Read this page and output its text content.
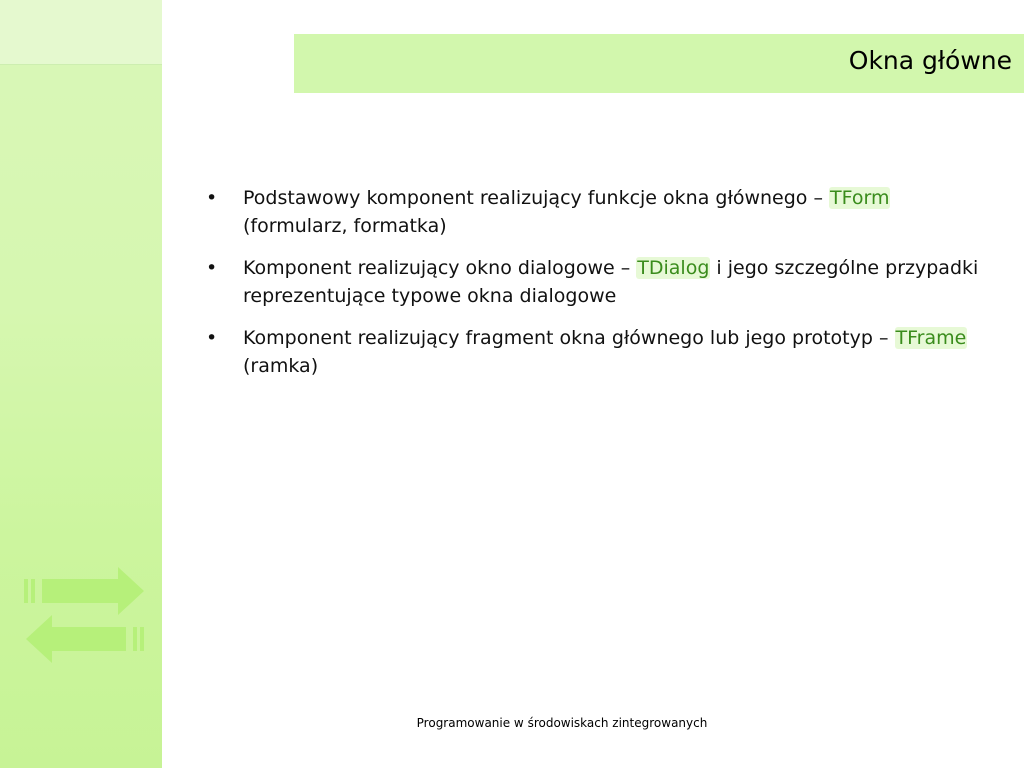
Okna główne
• Podstawowy komponent realizujący funkcje okna głównego – TForm (formularz, formatka)
• Komponent realizujący okno dialogowe – TDialog i jego szczególne przypadki reprezentujące typowe okna dialogowe
• Komponent realizujący fragment okna głównego lub jego prototyp – TFrame (ramka)
Programowanie w środowiskach zintegrowanych
